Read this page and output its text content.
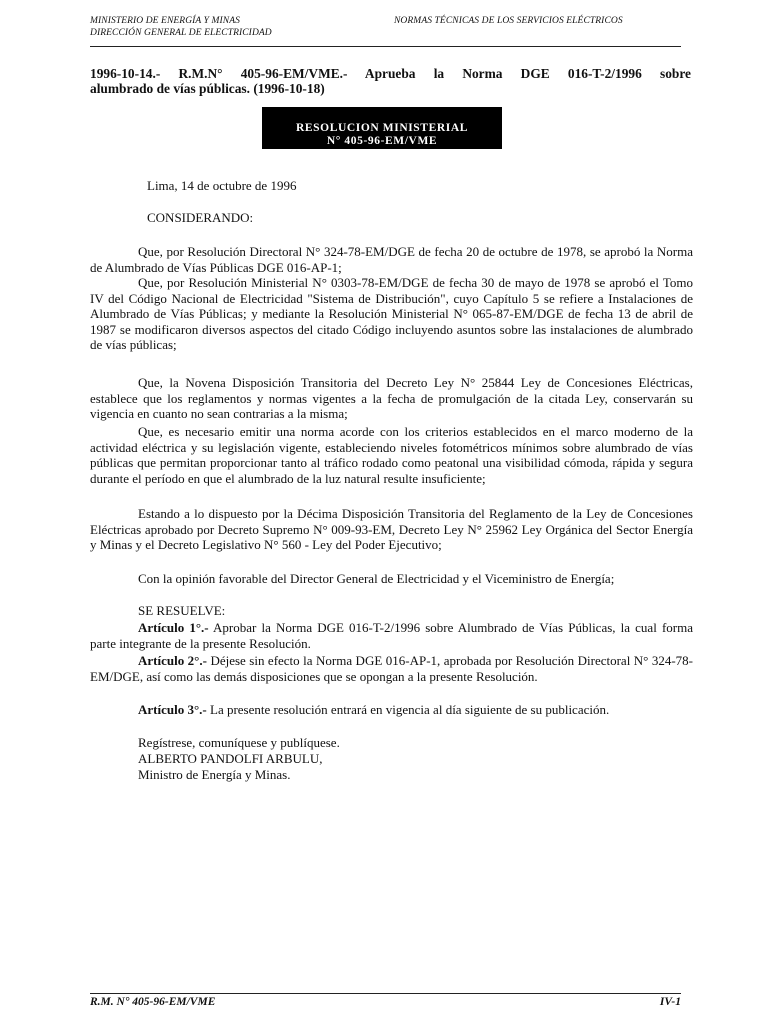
MINISTERIO DE ENERGÍA Y MINAS
DIRECCIÓN GENERAL DE ELECTRICIDAD
NORMAS TÉCNICAS DE LOS SERVICIOS ELÉCTRICOS
1996-10-14.- R.M.N° 405-96-EM/VME.- Aprueba la Norma DGE 016-T-2/1996 sobre
alumbrado de vías públicas. (1996-10-18)
RESOLUCION MINISTERIAL
N° 405-96-EM/VME
Lima, 14 de octubre de 1996
CONSIDERANDO:

Que, por Resolución Directoral N° 324-78-EM/DGE de fecha 20 de octubre de 1978, se aprobó la Norma de Alumbrado de Vías Públicas DGE 016-AP-1;

Que, por Resolución Ministerial N° 0303-78-EM/DGE de fecha 30 de mayo de 1978 se aprobó el Tomo IV del Código Nacional de Electricidad "Sistema de Distribución", cuyo Capítulo 5 se refiere a Instalaciones de Alumbrado de Vías Públicas; y mediante la Resolución Ministerial N° 065-87-EM/DGE de fecha 13 de abril de 1987 se modificaron diversos aspectos del citado Código incluyendo asuntos sobre las instalaciones de alumbrado de vías públicas;

Que, la Novena Disposición Transitoria del Decreto Ley N° 25844 Ley de Concesiones Eléctricas, establece que los reglamentos y normas vigentes a la fecha de promulgación de la citada Ley, conservarán su vigencia en cuanto no sean contrarias a la misma;

Que, es necesario emitir una norma acorde con los criterios establecidos en el marco moderno de la actividad eléctrica y su legislación vigente, estableciendo niveles fotométricos mínimos sobre alumbrado de vías públicas que permitan proporcionar tanto al tráfico rodado como peatonal una visibilidad cómoda, rápida y segura durante el período en que el alumbrado de la luz natural resulte insuficiente;

Estando a lo dispuesto por la Décima Disposición Transitoria del Reglamento de la Ley de Concesiones Eléctricas aprobado por Decreto Supremo N° 009-93-EM, Decreto Ley N° 25962 Ley Orgánica del Sector Energía y Minas y el Decreto Legislativo N° 560 - Ley del Poder Ejecutivo;

Con la opinión favorable del Director General de Electricidad y el Viceministro de Energía;

SE RESUELVE:

Artículo 1°.- Aprobar la Norma DGE 016-T-2/1996 sobre Alumbrado de Vías Públicas, la cual forma parte integrante de la presente Resolución.

Artículo 2°.- Déjese sin efecto la Norma DGE 016-AP-1, aprobada por Resolución Directoral N° 324-78-EM/DGE, así como las demás disposiciones que se opongan a la presente Resolución.

Artículo 3°.- La presente resolución entrará en vigencia al día siguiente de su publicación.

Regístrese, comuníquese y publíquese.
ALBERTO PANDOLFI ARBULU,
Ministro de Energía y Minas.
R.M. N° 405-96-EM/VME	IV-1
